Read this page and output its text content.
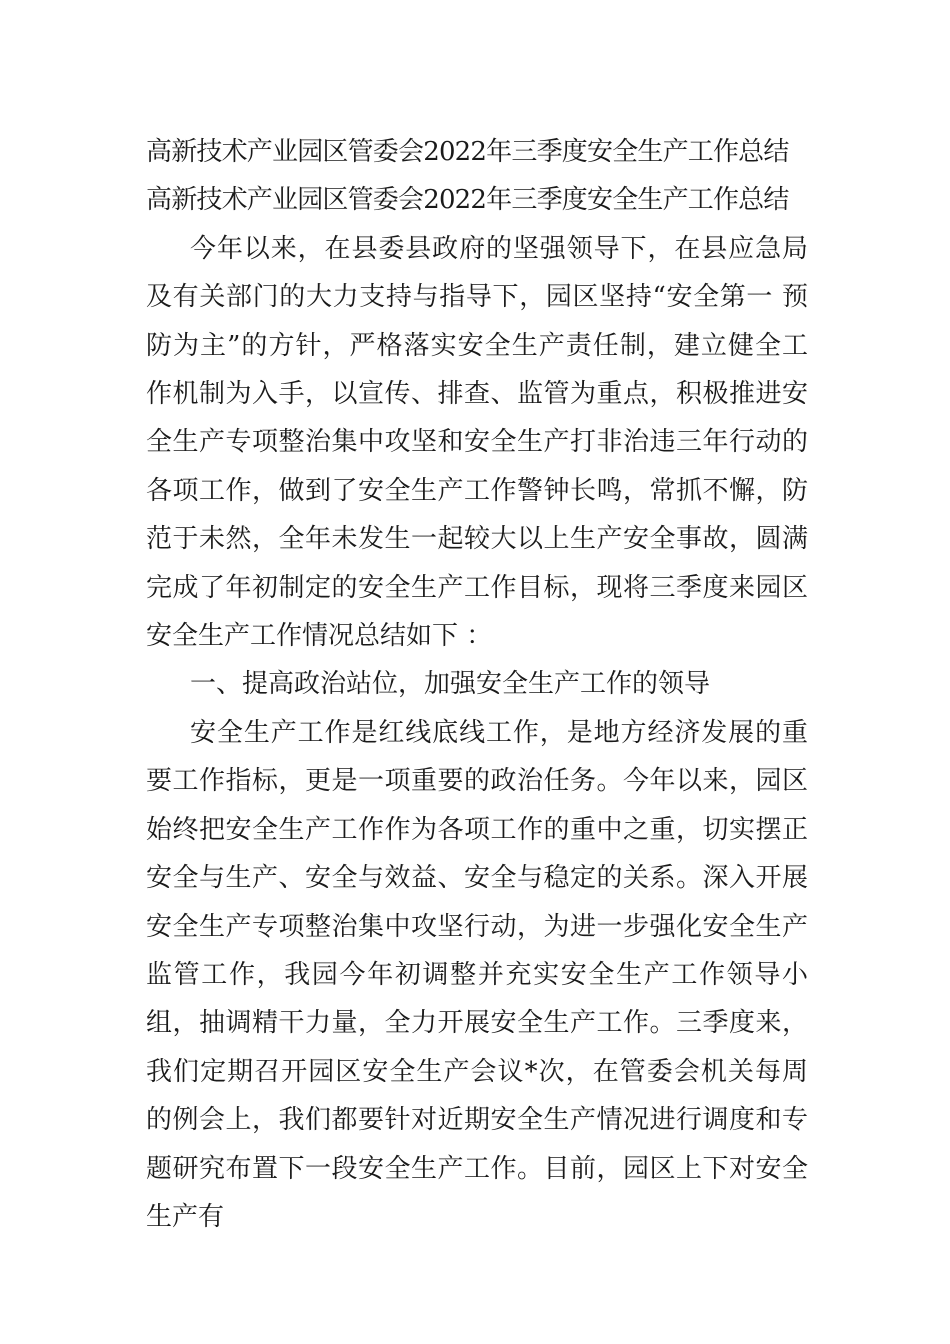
高新技术产业园区管委会2022年三季度安全生产工作总结
高新技术产业园区管委会2022年三季度安全生产工作总结

今年以来，在县委县政府的坚强领导下，在县应急局及有关部门的大力支持与指导下，园区坚持“安全第一 预防为主”的方针，严格落实安全生产责任制，建立健全工作机制为入手，以宣传、排查、监管为重点，积极推进安全生产专项整治集中攻坚和安全生产打非治违三年行动的各项工作，做到了安全生产工作警钟长鸣，常抓不懈，防范于未然，全年未发生一起较大以上生产安全事故，圆满完成了年初制定的安全生产工作目标，现将三季度来园区安全生产工作情况总结如下 ：

一、提高政治站位，加强安全生产工作的领导

安全生产工作是红线底线工作，是地方经济发展的重要工作指标，更是一项重要的政治任务。今年以来，园区始终把安全生产工作作为各项工作的重中之重，切实摆正安全与生产、安全与效益、安全与稳定的关系。深入开展安全生产专项整治集中攻坚行动，为进一步强化安全生产监管工作，我园今年初调整并充实安全生产工作领导小组，抽调精干力量，全力开展安全生产工作。三季度来，我们定期召开园区安全生产会议*次，在管委会机关每周的例会上，我们都要针对近期安全生产情况进行调度和专题研究布置下一段安全生产工作。目前，园区上下对安全生产有
